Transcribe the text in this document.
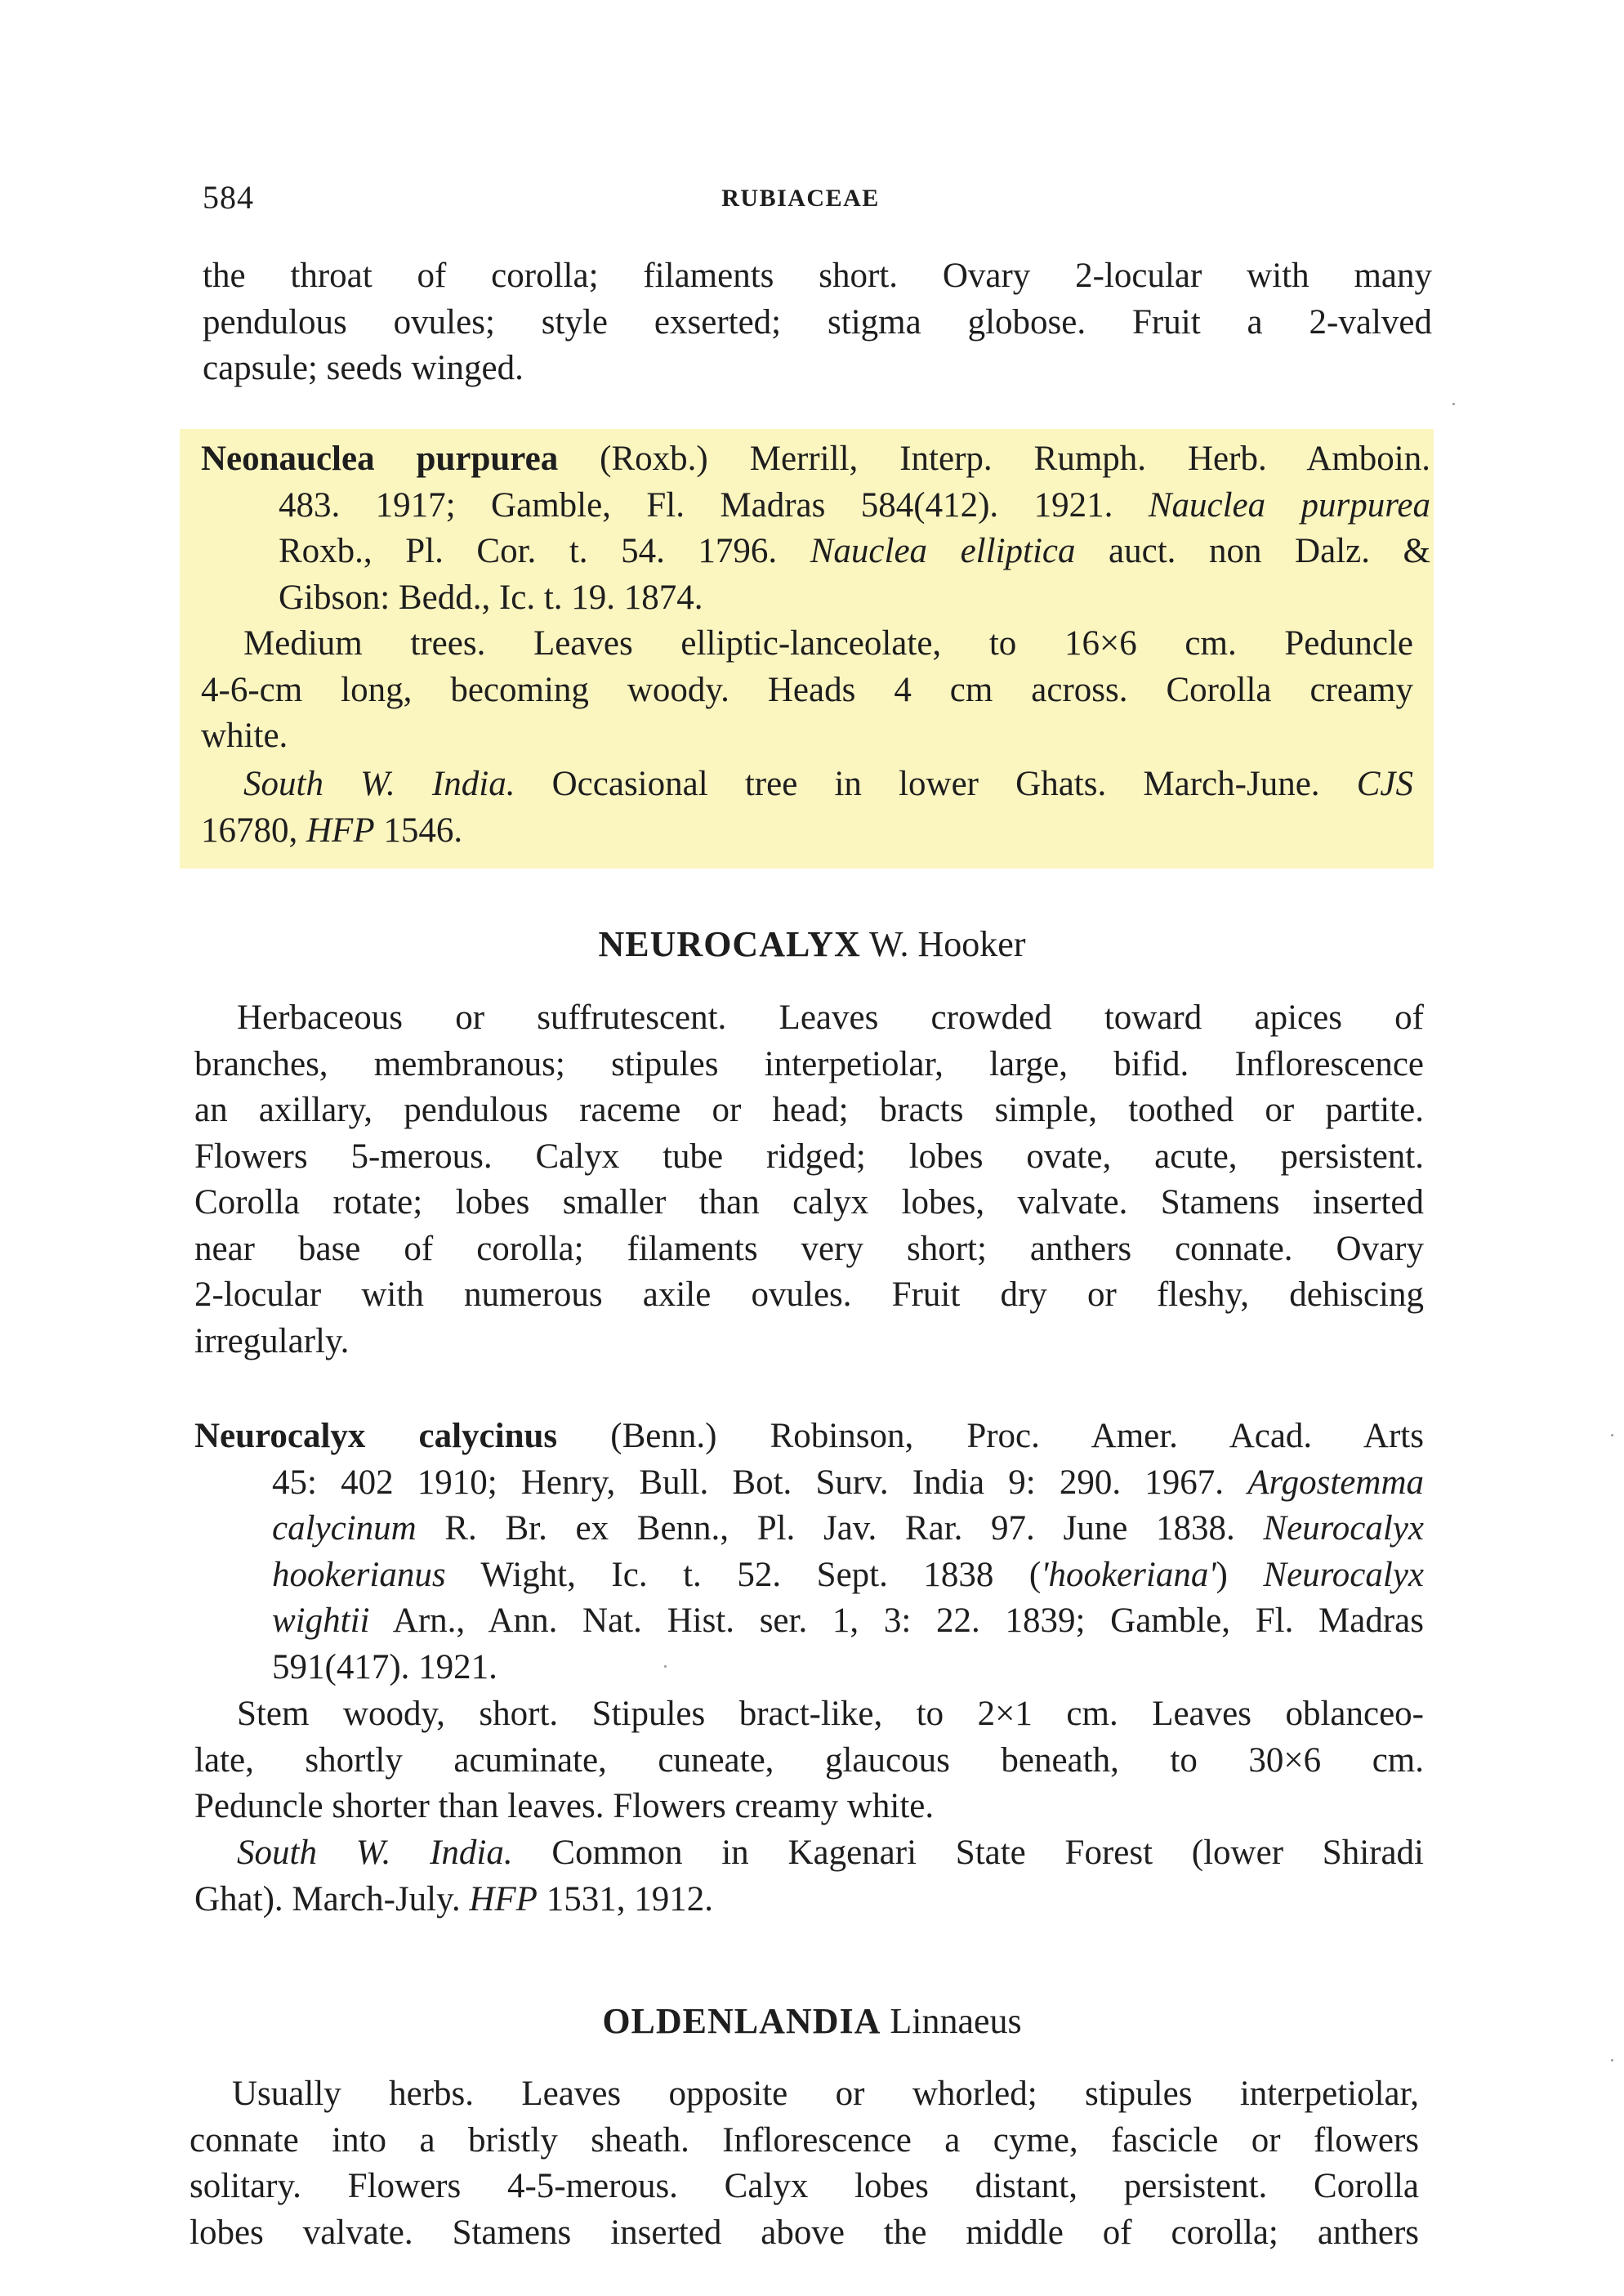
584	RUBIACEAE

the throat of corolla; filaments short. Ovary 2-locular with many
pendulous ovules; style exserted; stigma globose. Fruit a 2-valved
capsule; seeds winged.

Neonauclea purpurea (Roxb.) Merrill, Interp. Rumph. Herb. Amboin.
483. 1917; Gamble, Fl. Madras 584(412). 1921. Nauclea purpurea
Roxb., Pl. Cor. t. 54. 1796. Nauclea elliptica auct. non Dalz. &
Gibson: Bedd., Ic. t. 19. 1874.

Medium trees. Leaves elliptic-lanceolate, to 16×6 cm. Peduncle
4-6-cm long, becoming woody. Heads 4 cm across. Corolla creamy
white.

South W. India. Occasional tree in lower Ghats. March-June. CJS
16780, HFP 1546.

NEUROCALYX W. Hooker

Herbaceous or suffrutescent. Leaves crowded toward apices of
branches, membranous; stipules interpetiolar, large, bifid. Inflorescence
an axillary, pendulous raceme or head; bracts simple, toothed or partite.
Flowers 5-merous. Calyx tube ridged; lobes ovate, acute, persistent.
Corolla rotate; lobes smaller than calyx lobes, valvate. Stamens inserted
near base of corolla; filaments very short; anthers connate. Ovary
2-locular with numerous axile ovules. Fruit dry or fleshy, dehiscing
irregularly.

Neurocalyx calycinus (Benn.) Robinson, Proc. Amer. Acad. Arts
45: 402 1910; Henry, Bull. Bot. Surv. India 9: 290. 1967. Argostemma
calycinum R. Br. ex Benn., Pl. Jav. Rar. 97. June 1838. Neurocalyx
hookerianus Wight, Ic. t. 52. Sept. 1838 ('hookeriana') Neurocalyx
wightii Arn., Ann. Nat. Hist. ser. 1, 3: 22. 1839; Gamble, Fl. Madras
591(417). 1921.

Stem woody, short. Stipules bract-like, to 2×1 cm. Leaves oblanceo-
late, shortly acuminate, cuneate, glaucous beneath, to 30×6 cm.
Peduncle shorter than leaves. Flowers creamy white.

South W. India. Common in Kagenari State Forest (lower Shiradi
Ghat). March-July. HFP 1531, 1912.

OLDENLANDIA Linnaeus

Usually herbs. Leaves opposite or whorled; stipules interpetiolar,
connate into a bristly sheath. Inflorescence a cyme, fascicle or flowers
solitary. Flowers 4-5-merous. Calyx lobes distant, persistent. Corolla
lobes valvate. Stamens inserted above the middle of corolla; anthers
